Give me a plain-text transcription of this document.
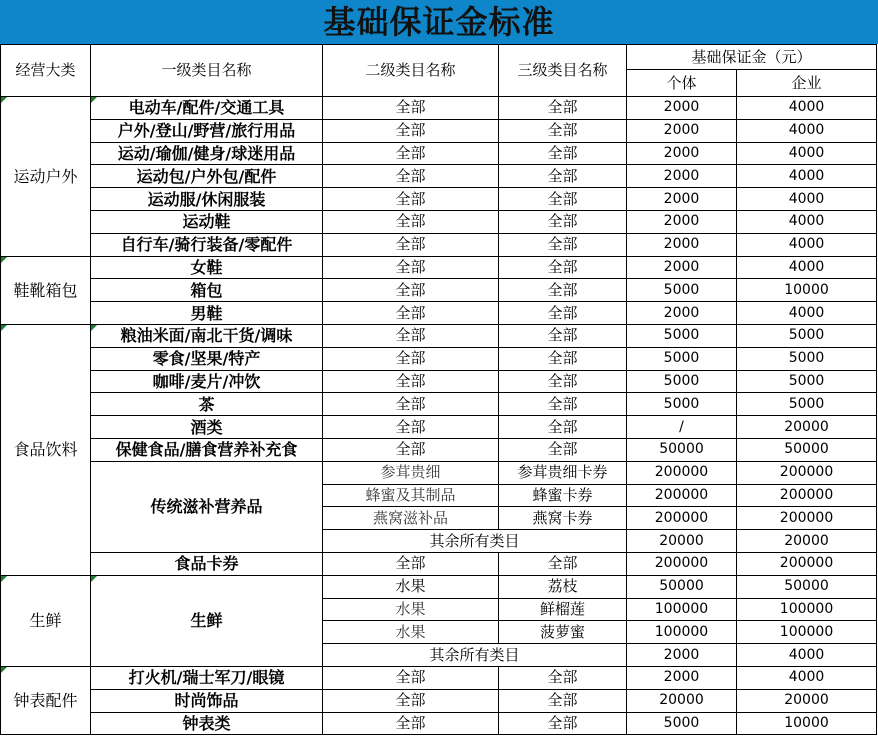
基础保证金标准
经营大类	一级类目名称	二级类目名称	三级类目名称	基础保证金（元）	
				个体	企业
运动户外	电动车/配件/交通工具	全部	全部	2000	4000
	户外/登山/野营/旅行用品	全部	全部	2000	4000
	运动/瑜伽/健身/球迷用品	全部	全部	2000	4000
	运动包/户外包/配件	全部	全部	2000	4000
	运动服/休闲服装	全部	全部	2000	4000
	运动鞋	全部	全部	2000	4000
	自行车/骑行装备/零配件	全部	全部	2000	4000
鞋靴箱包	女鞋	全部	全部	2000	4000
	箱包	全部	全部	5000	10000
	男鞋	全部	全部	2000	4000
食品饮料	粮油米面/南北干货/调味	全部	全部	5000	5000
	零食/坚果/特产	全部	全部	5000	5000
	咖啡/麦片/冲饮	全部	全部	5000	5000
	茶	全部	全部	5000	5000
	酒类	全部	全部	/	20000
	保健食品/膳食营养补充食	全部	全部	50000	50000
	传统滋补营养品	参茸贵细	参茸贵细卡券	200000	200000
		蜂蜜及其制品	蜂蜜卡券	200000	200000
		燕窝滋补品	燕窝卡券	200000	200000
		其余所有类目		20000	20000
	食品卡券	全部	全部	200000	200000
生鲜	生鲜	水果	荔枝	50000	50000
		水果	鲜榴莲	100000	100000
		水果	菠萝蜜	100000	100000
		其余所有类目		2000	4000
钟表配件	打火机/瑞士军刀/眼镜	全部	全部	2000	4000
	时尚饰品	全部	全部	20000	20000
	钟表类	全部	全部	5000	10000
